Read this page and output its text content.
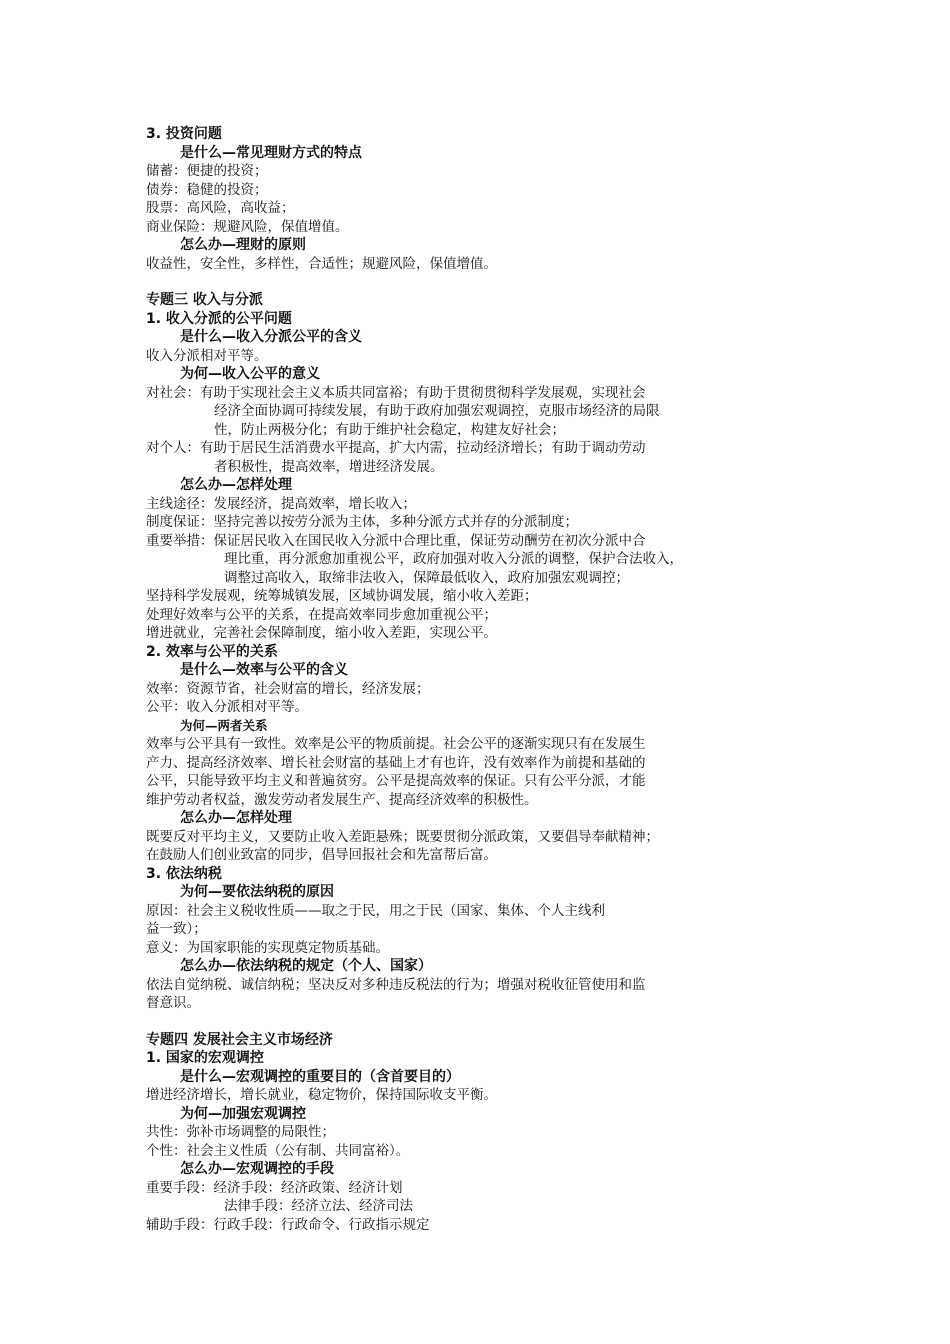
3. 投资问题
是什么—常见理财方式的特点
储蓄：便捷的投资；
债券：稳健的投资；
股票：高风险，高收益；
商业保险：规避风险，保值增值。
怎么办—理财的原则
收益性，安全性，多样性，合适性；规避风险，保值增值。
专题三 收入与分派
1. 收入分派的公平问题
是什么—收入分派公平的含义
收入分派相对平等。
为何—收入公平的意义
对社会：有助于实现社会主义本质共同富裕；有助于贯彻贯彻科学发展观，实现社会
经济全面协调可持续发展，有助于政府加强宏观调控，克服市场经济的局限
性，防止两极分化；有助于维护社会稳定，构建友好社会；
对个人：有助于居民生活消费水平提高，扩大内需，拉动经济增长；有助于调动劳动
者积极性，提高效率，增进经济发展。
怎么办—怎样处理
主线途径：发展经济，提高效率，增长收入；
制度保证：坚持完善以按劳分派为主体，多种分派方式并存的分派制度；
重要举措：保证居民收入在国民收入分派中合理比重，保证劳动酬劳在初次分派中合
理比重，再分派愈加重视公平，政府加强对收入分派的调整，保护合法收入，
调整过高收入，取缔非法收入，保障最低收入，政府加强宏观调控；
坚持科学发展观，统筹城镇发展，区域协调发展，缩小收入差距；
处理好效率与公平的关系，在提高效率同步愈加重视公平；
增进就业，完善社会保障制度，缩小收入差距，实现公平。
2. 效率与公平的关系
是什么—效率与公平的含义
效率：资源节省，社会财富的增长，经济发展；
公平：收入分派相对平等。
为何—两者关系
效率与公平具有一致性。效率是公平的物质前提。社会公平的逐渐实现只有在发展生
产力、提高经济效率、增长社会财富的基础上才有也许，没有效率作为前提和基础的
公平，只能导致平均主义和普遍贫穷。公平是提高效率的保证。只有公平分派，才能
维护劳动者权益，激发劳动者发展生产、提高经济效率的积极性。
怎么办—怎样处理
既要反对平均主义，又要防止收入差距悬殊；既要贯彻分派政策，又要倡导奉献精神；
在鼓励人们创业致富的同步，倡导回报社会和先富帮后富。
3. 依法纳税
为何—要依法纳税的原因
原因：社会主义税收性质——取之于民，用之于民（国家、集体、个人主线利
益一致）；
意义：为国家职能的实现奠定物质基础。
怎么办—依法纳税的规定（个人、国家）
依法自觉纳税、诚信纳税；坚决反对多种违反税法的行为；增强对税收征管使用和监
督意识。
专题四 发展社会主义市场经济
1. 国家的宏观调控
是什么—宏观调控的重要目的（含首要目的）
增进经济增长，增长就业，稳定物价，保持国际收支平衡。
为何—加强宏观调控
共性：弥补市场调整的局限性；
个性：社会主义性质（公有制、共同富裕）。
怎么办—宏观调控的手段
重要手段：经济手段：经济政策、经济计划
法律手段：经济立法、经济司法
辅助手段：行政手段：行政命令、行政指示规定
